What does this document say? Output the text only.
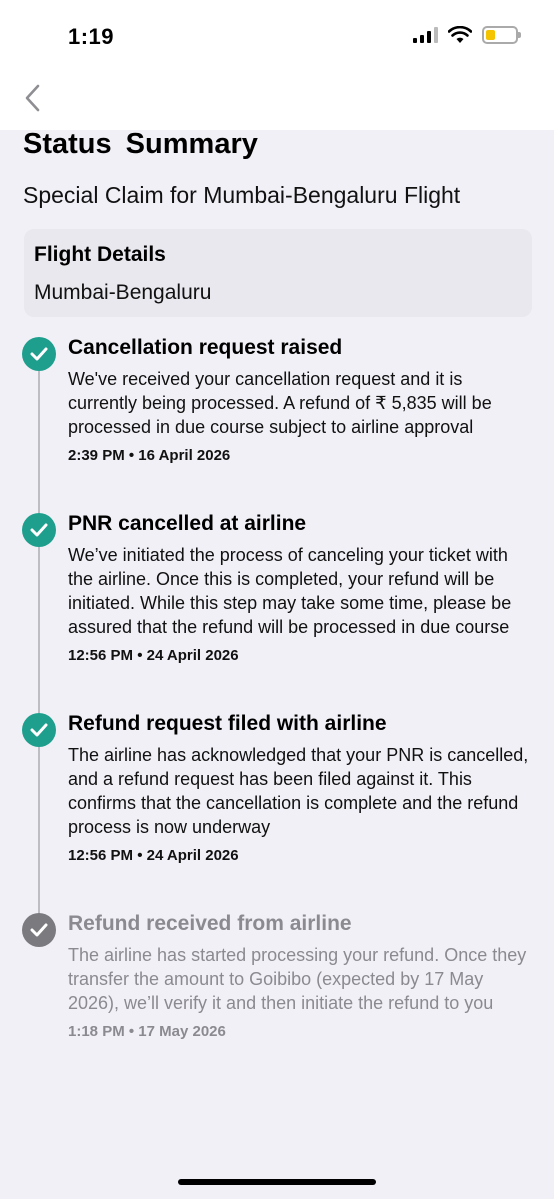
1:19
Status Summary
Special Claim for Mumbai-Bengaluru Flight
Flight Details
Mumbai-Bengaluru
Cancellation request raised
We've received your cancellation request and it is currently being processed. A refund of ₹ 5,835 will be processed in due course subject to airline approval
2:39 PM • 16 April 2026
PNR cancelled at airline
We’ve initiated the process of canceling your ticket with the airline. Once this is completed, your refund will be initiated. While this step may take some time, please be assured that the refund will be processed in due course
12:56 PM • 24 April 2026
Refund request filed with airline
The airline has acknowledged that your PNR is cancelled, and a refund request has been filed against it. This confirms that the cancellation is complete and the refund process is now underway
12:56 PM • 24 April 2026
Refund received from airline
The airline has started processing your refund. Once they transfer the amount to Goibibo (expected by 17 May 2026), we’ll verify it and then initiate the refund to you
1:18 PM • 17 May 2026
